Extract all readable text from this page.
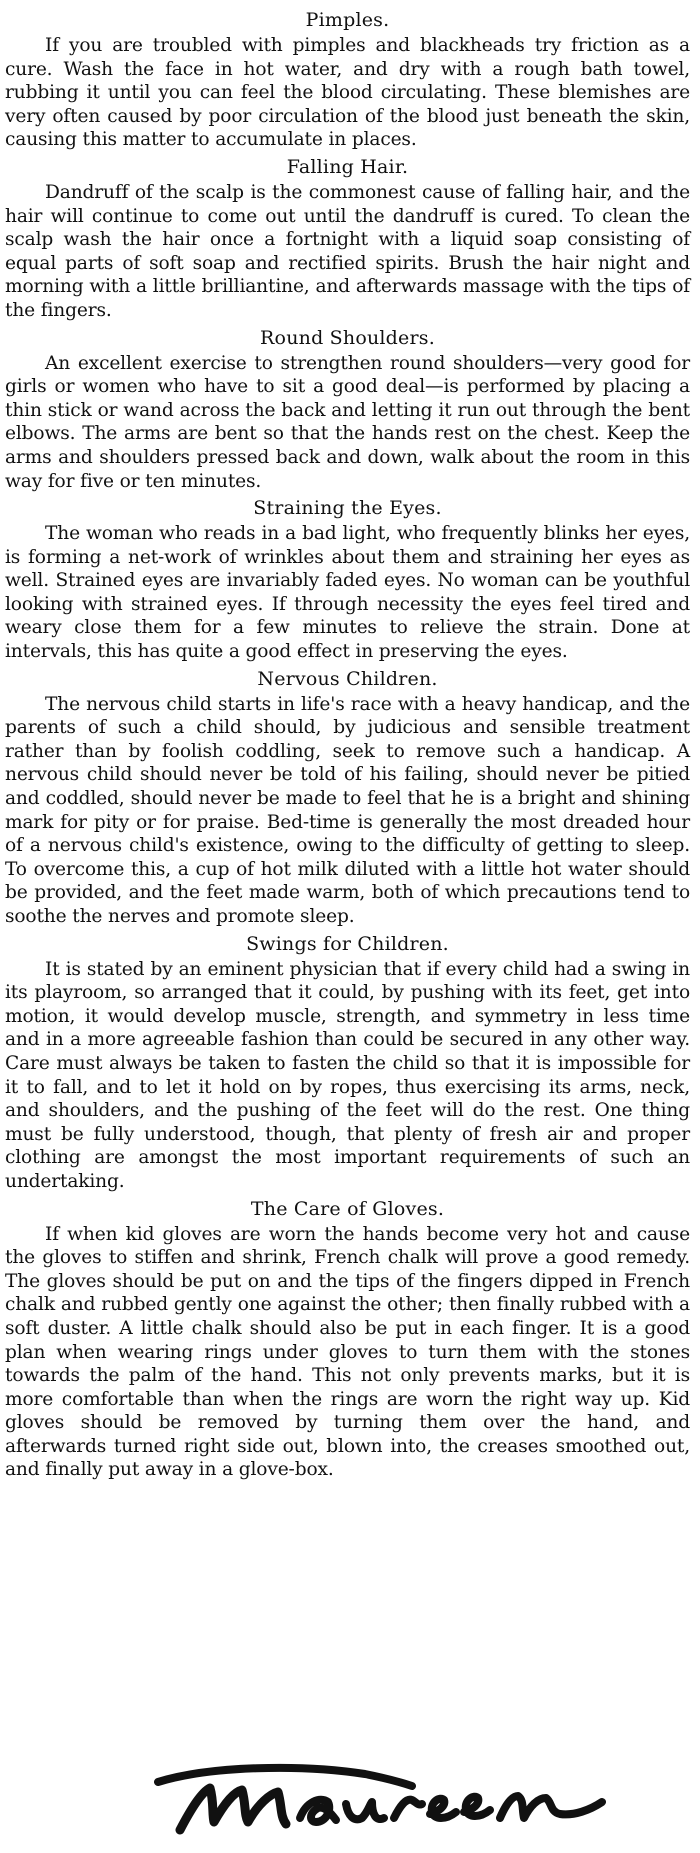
Pimples.
If you are troubled with pimples and blackheads try friction as a cure. Wash the face in hot water, and dry with a rough bath towel, rubbing it until you can feel the blood circulating. These blemishes are very often caused by poor circulation of the blood just beneath the skin, causing this matter to accumulate in places.
Falling Hair.
Dandruff of the scalp is the commonest cause of falling hair, and the hair will continue to come out until the dandruff is cured. To clean the scalp wash the hair once a fortnight with a liquid soap consisting of equal parts of soft soap and rectified spirits. Brush the hair night and morning with a little brilliantine, and afterwards massage with the tips of the fingers.
Round Shoulders.
An excellent exercise to strengthen round shoulders—very good for girls or women who have to sit a good deal—is performed by placing a thin stick or wand across the back and letting it run out through the bent elbows. The arms are bent so that the hands rest on the chest. Keep the arms and shoulders pressed back and down, walk about the room in this way for five or ten minutes.
Straining the Eyes.
The woman who reads in a bad light, who frequently blinks her eyes, is forming a net-work of wrinkles about them and straining her eyes as well. Strained eyes are invariably faded eyes. No woman can be youthful looking with strained eyes. If through necessity the eyes feel tired and weary close them for a few minutes to relieve the strain. Done at intervals, this has quite a good effect in preserving the eyes.
Nervous Children.
The nervous child starts in life's race with a heavy handicap, and the parents of such a child should, by judicious and sensible treatment rather than by foolish coddling, seek to remove such a handicap. A nervous child should never be told of his failing, should never be pitied and coddled, should never be made to feel that he is a bright and shining mark for pity or for praise. Bed-time is generally the most dreaded hour of a nervous child's existence, owing to the difficulty of getting to sleep. To overcome this, a cup of hot milk diluted with a little hot water should be provided, and the feet made warm, both of which precautions tend to soothe the nerves and promote sleep.
Swings for Children.
It is stated by an eminent physician that if every child had a swing in its playroom, so arranged that it could, by pushing with its feet, get into motion, it would develop muscle, strength, and symmetry in less time and in a more agreeable fashion than could be secured in any other way. Care must always be taken to fasten the child so that it is impossible for it to fall, and to let it hold on by ropes, thus exercising its arms, neck, and shoulders, and the pushing of the feet will do the rest. One thing must be fully understood, though, that plenty of fresh air and proper clothing are amongst the most important requirements of such an undertaking.
The Care of Gloves.
If when kid gloves are worn the hands become very hot and cause the gloves to stiffen and shrink, French chalk will prove a good remedy. The gloves should be put on and the tips of the fingers dipped in French chalk and rubbed gently one against the other; then finally rubbed with a soft duster. A little chalk should also be put in each finger. It is a good plan when wearing rings under gloves to turn them with the stones towards the palm of the hand. This not only prevents marks, but it is more comfortable than when the rings are worn the right way up. Kid gloves should be removed by turning them over the hand, and afterwards turned right side out, blown into, the creases smoothed out, and finally put away in a glove-box.
